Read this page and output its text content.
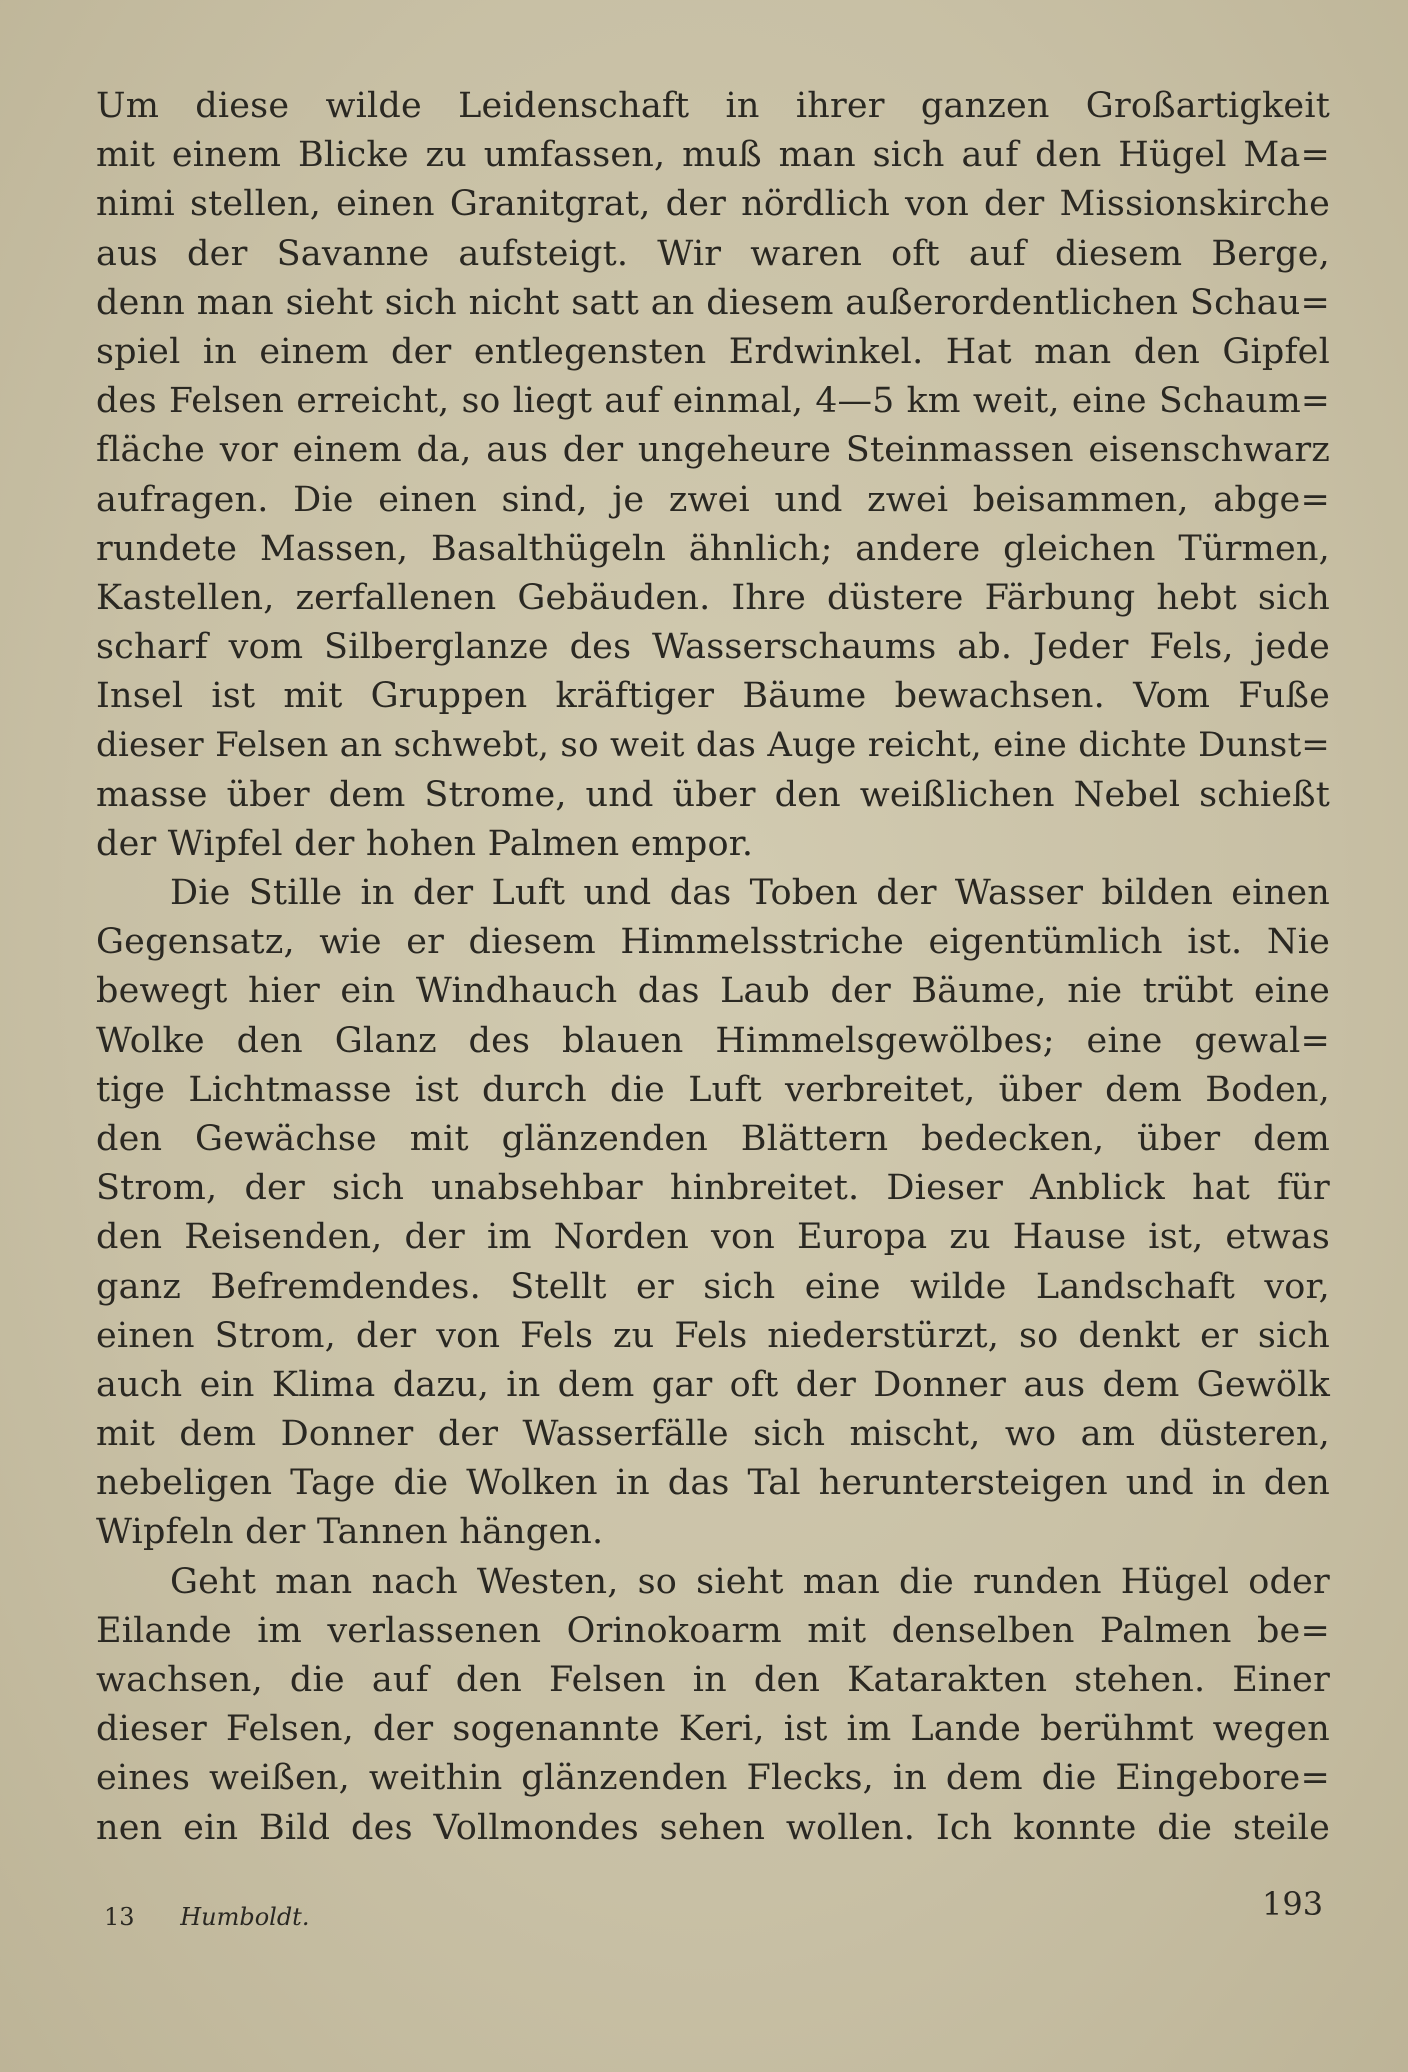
Um diese wilde Leidenschaft in ihrer ganzen Großartigkeit
mit einem Blicke zu umfassen, muß man sich auf den Hügel Ma=
nimi stellen, einen Granitgrat, der nördlich von der Missionskirche
aus der Savanne aufsteigt. Wir waren oft auf diesem Berge,
denn man sieht sich nicht satt an diesem außerordentlichen Schau=
spiel in einem der entlegensten Erdwinkel. Hat man den Gipfel
des Felsen erreicht, so liegt auf einmal, 4—5 km weit, eine Schaum=
fläche vor einem da, aus der ungeheure Steinmassen eisenschwarz
aufragen. Die einen sind, je zwei und zwei beisammen, abge=
rundete Massen, Basalthügeln ähnlich; andere gleichen Türmen,
Kastellen, zerfallenen Gebäuden. Ihre düstere Färbung hebt sich
scharf vom Silberglanze des Wasserschaums ab. Jeder Fels, jede
Insel ist mit Gruppen kräftiger Bäume bewachsen. Vom Fuße
dieser Felsen an schwebt, so weit das Auge reicht, eine dichte Dunst=
masse über dem Strome, und über den weißlichen Nebel schießt
der Wipfel der hohen Palmen empor.
Die Stille in der Luft und das Toben der Wasser bilden einen
Gegensatz, wie er diesem Himmelsstriche eigentümlich ist. Nie
bewegt hier ein Windhauch das Laub der Bäume, nie trübt eine
Wolke den Glanz des blauen Himmelsgewölbes; eine gewal=
tige Lichtmasse ist durch die Luft verbreitet, über dem Boden,
den Gewächse mit glänzenden Blättern bedecken, über dem
Strom, der sich unabsehbar hinbreitet. Dieser Anblick hat für
den Reisenden, der im Norden von Europa zu Hause ist, etwas
ganz Befremdendes. Stellt er sich eine wilde Landschaft vor,
einen Strom, der von Fels zu Fels niederstürzt, so denkt er sich
auch ein Klima dazu, in dem gar oft der Donner aus dem Gewölk
mit dem Donner der Wasserfälle sich mischt, wo am düsteren,
nebeligen Tage die Wolken in das Tal heruntersteigen und in den
Wipfeln der Tannen hängen.
Geht man nach Westen, so sieht man die runden Hügel oder
Eilande im verlassenen Orinokoarm mit denselben Palmen be=
wachsen, die auf den Felsen in den Katarakten stehen. Einer
dieser Felsen, der sogenannte Keri, ist im Lande berühmt wegen
eines weißen, weithin glänzenden Flecks, in dem die Eingebore=
nen ein Bild des Vollmondes sehen wollen. Ich konnte die steile
13 Humboldt.	193
